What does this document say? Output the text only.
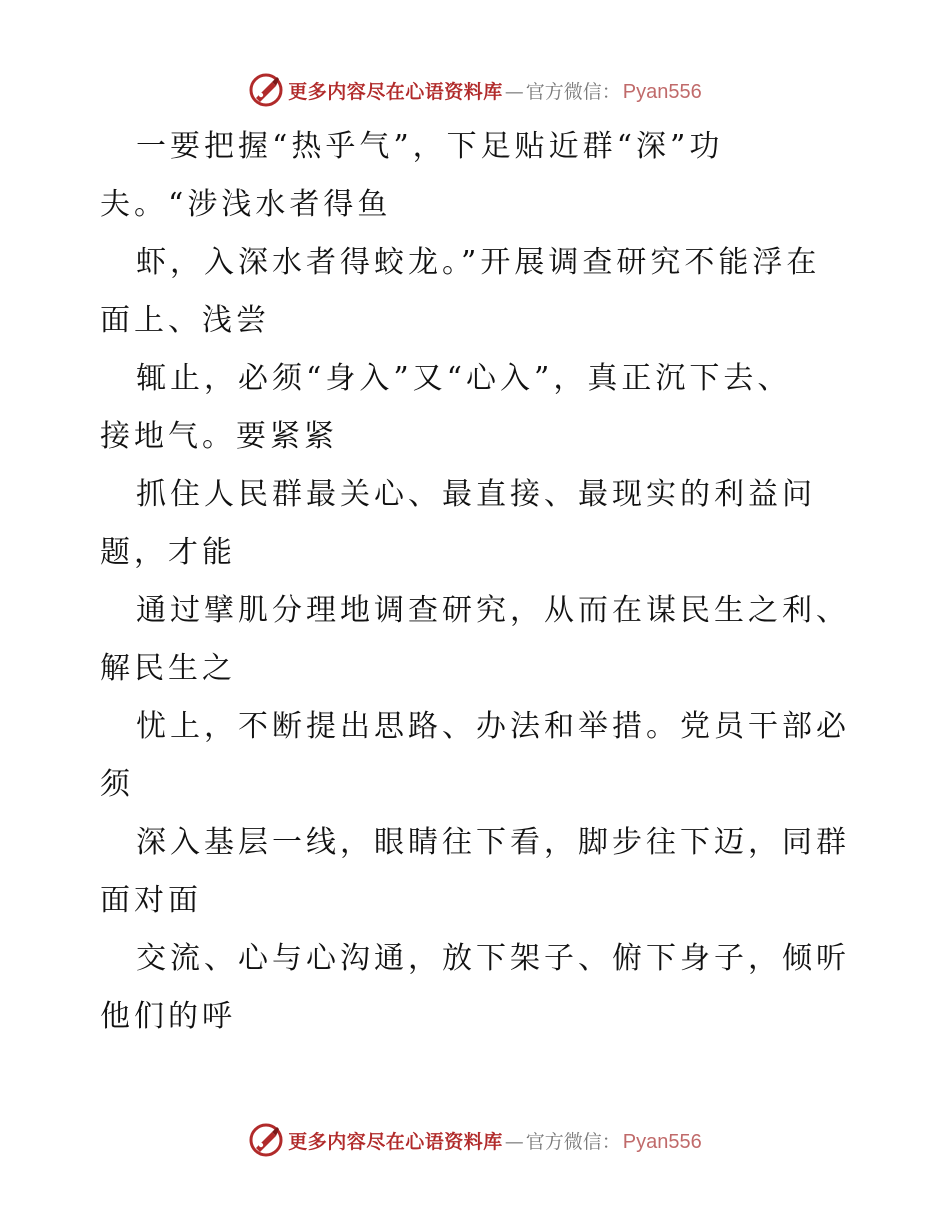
更多内容尽在心语资料库 — 官方微信： Pyan556
一要把握“热乎气”，下足贴近群“深”功
夫。“涉浅水者得鱼
虾，入深水者得蛟龙。”开展调查研究不能浮在
面上、浅尝
辄止，必须“身入”又“心入”，真正沉下去、
接地气。要紧紧
抓住人民群最关心、最直接、最现实的利益问
题，才能
通过擘肌分理地调查研究，从而在谋民生之利、
解民生之
忧上，不断提出思路、办法和举措。党员干部必
须
深入基层一线，眼睛往下看，脚步往下迈，同群
面对面
交流、心与心沟通，放下架子、俯下身子，倾听
他们的呼
更多内容尽在心语资料库 — 官方微信： Pyan556
